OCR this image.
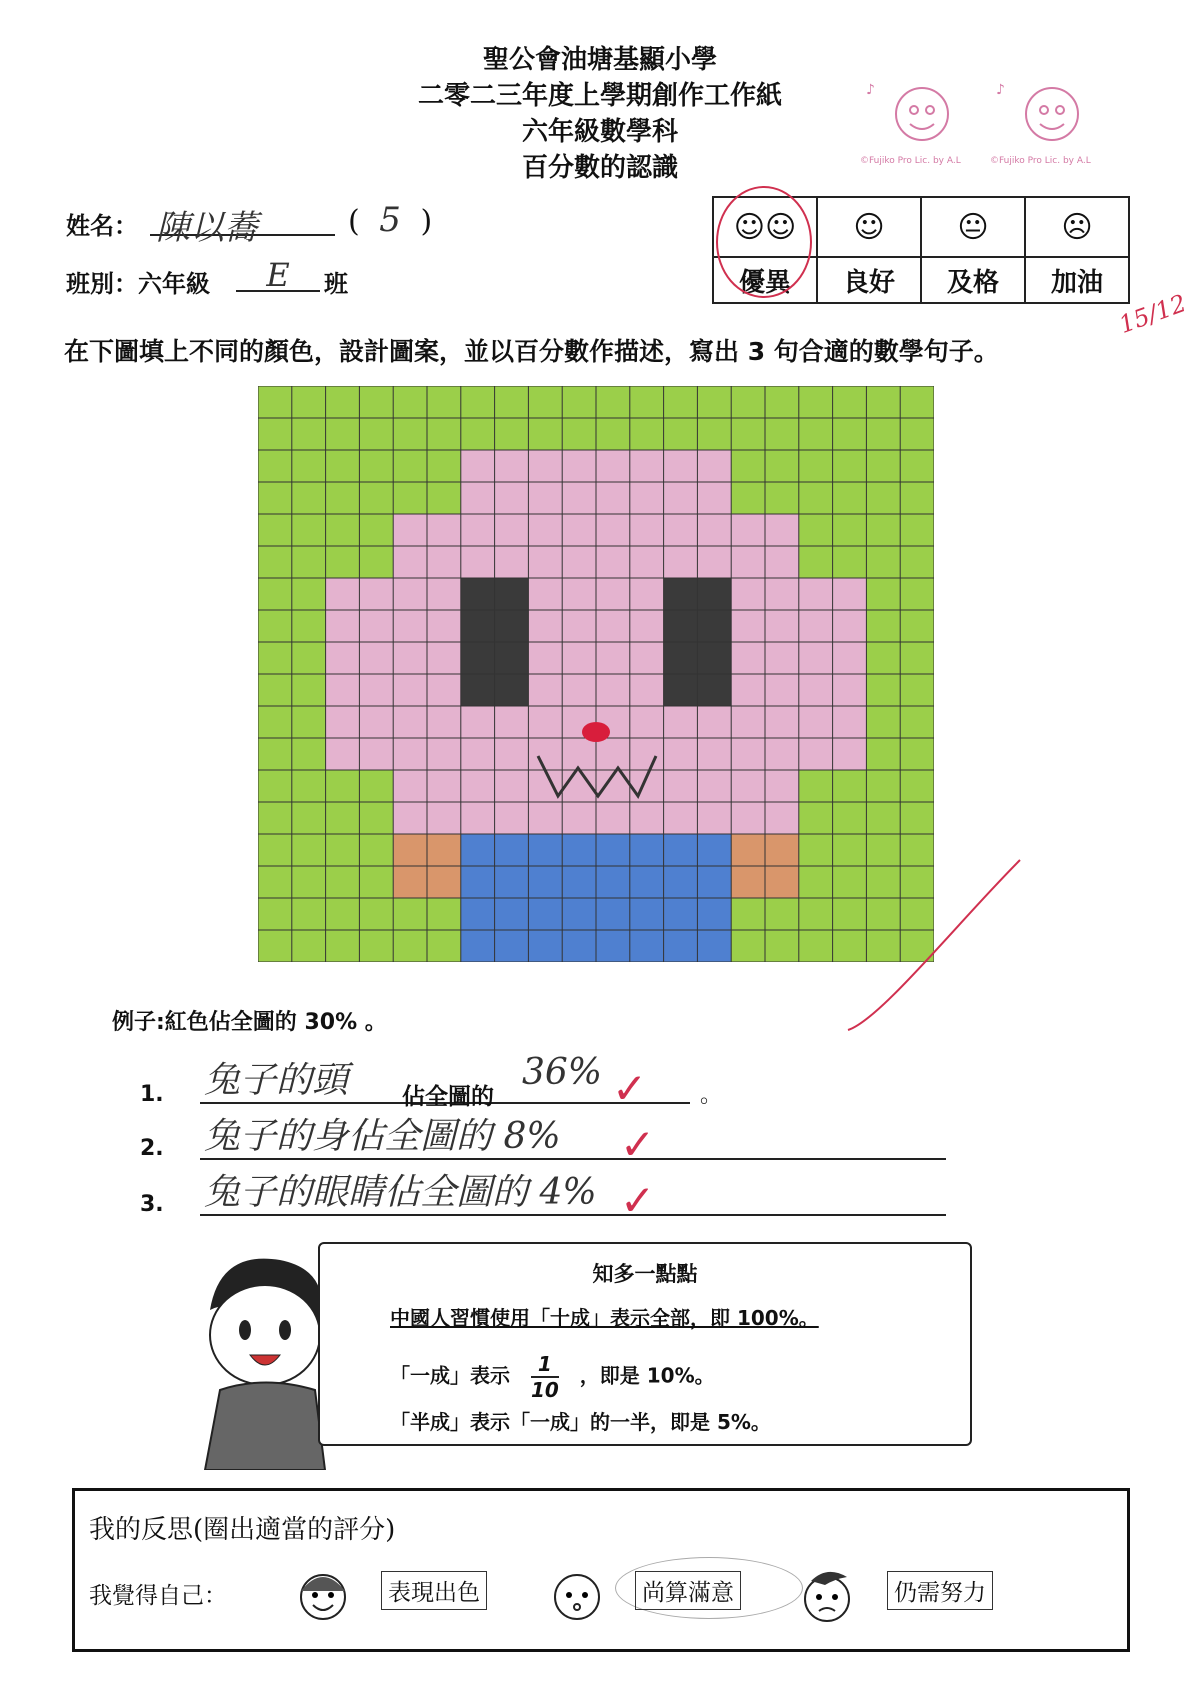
聖公會油塘基顯小學
二零二三年度上學期創作工作紙
六年級數學科
百分數的認識
♪
©Fujiko Pro Lic. by A.L
♪
©Fujiko Pro Lic. by A.L
姓名： 陳以蕎	( 5 )
班別：六年級	E	班
☺☺	☺	😐	☹
優異	良好	及格	加油
15/12
在下圖填上不同的顏色，設計圖案，並以百分數作描述，寫出 3 句合適的數學句子。
例子:紅色佔全圖的 30% 。
1. 兔子的頭 佔全圖的
36%
。
2. 兔子的身佔全圖的 8%
3. 兔子的眼睛佔全圖的 4%
✓
✓
✓
知多一點點
中國人習慣使用「十成」表示全部，即 100%。
「一成」表示 $\frac{1}{10}$ ，即是 10%。
「半成」表示「一成」的一半，即是 5%。
我的反思(圈出適當的評分)
我覺得自己：	表現出色	尚算滿意	仍需努力
